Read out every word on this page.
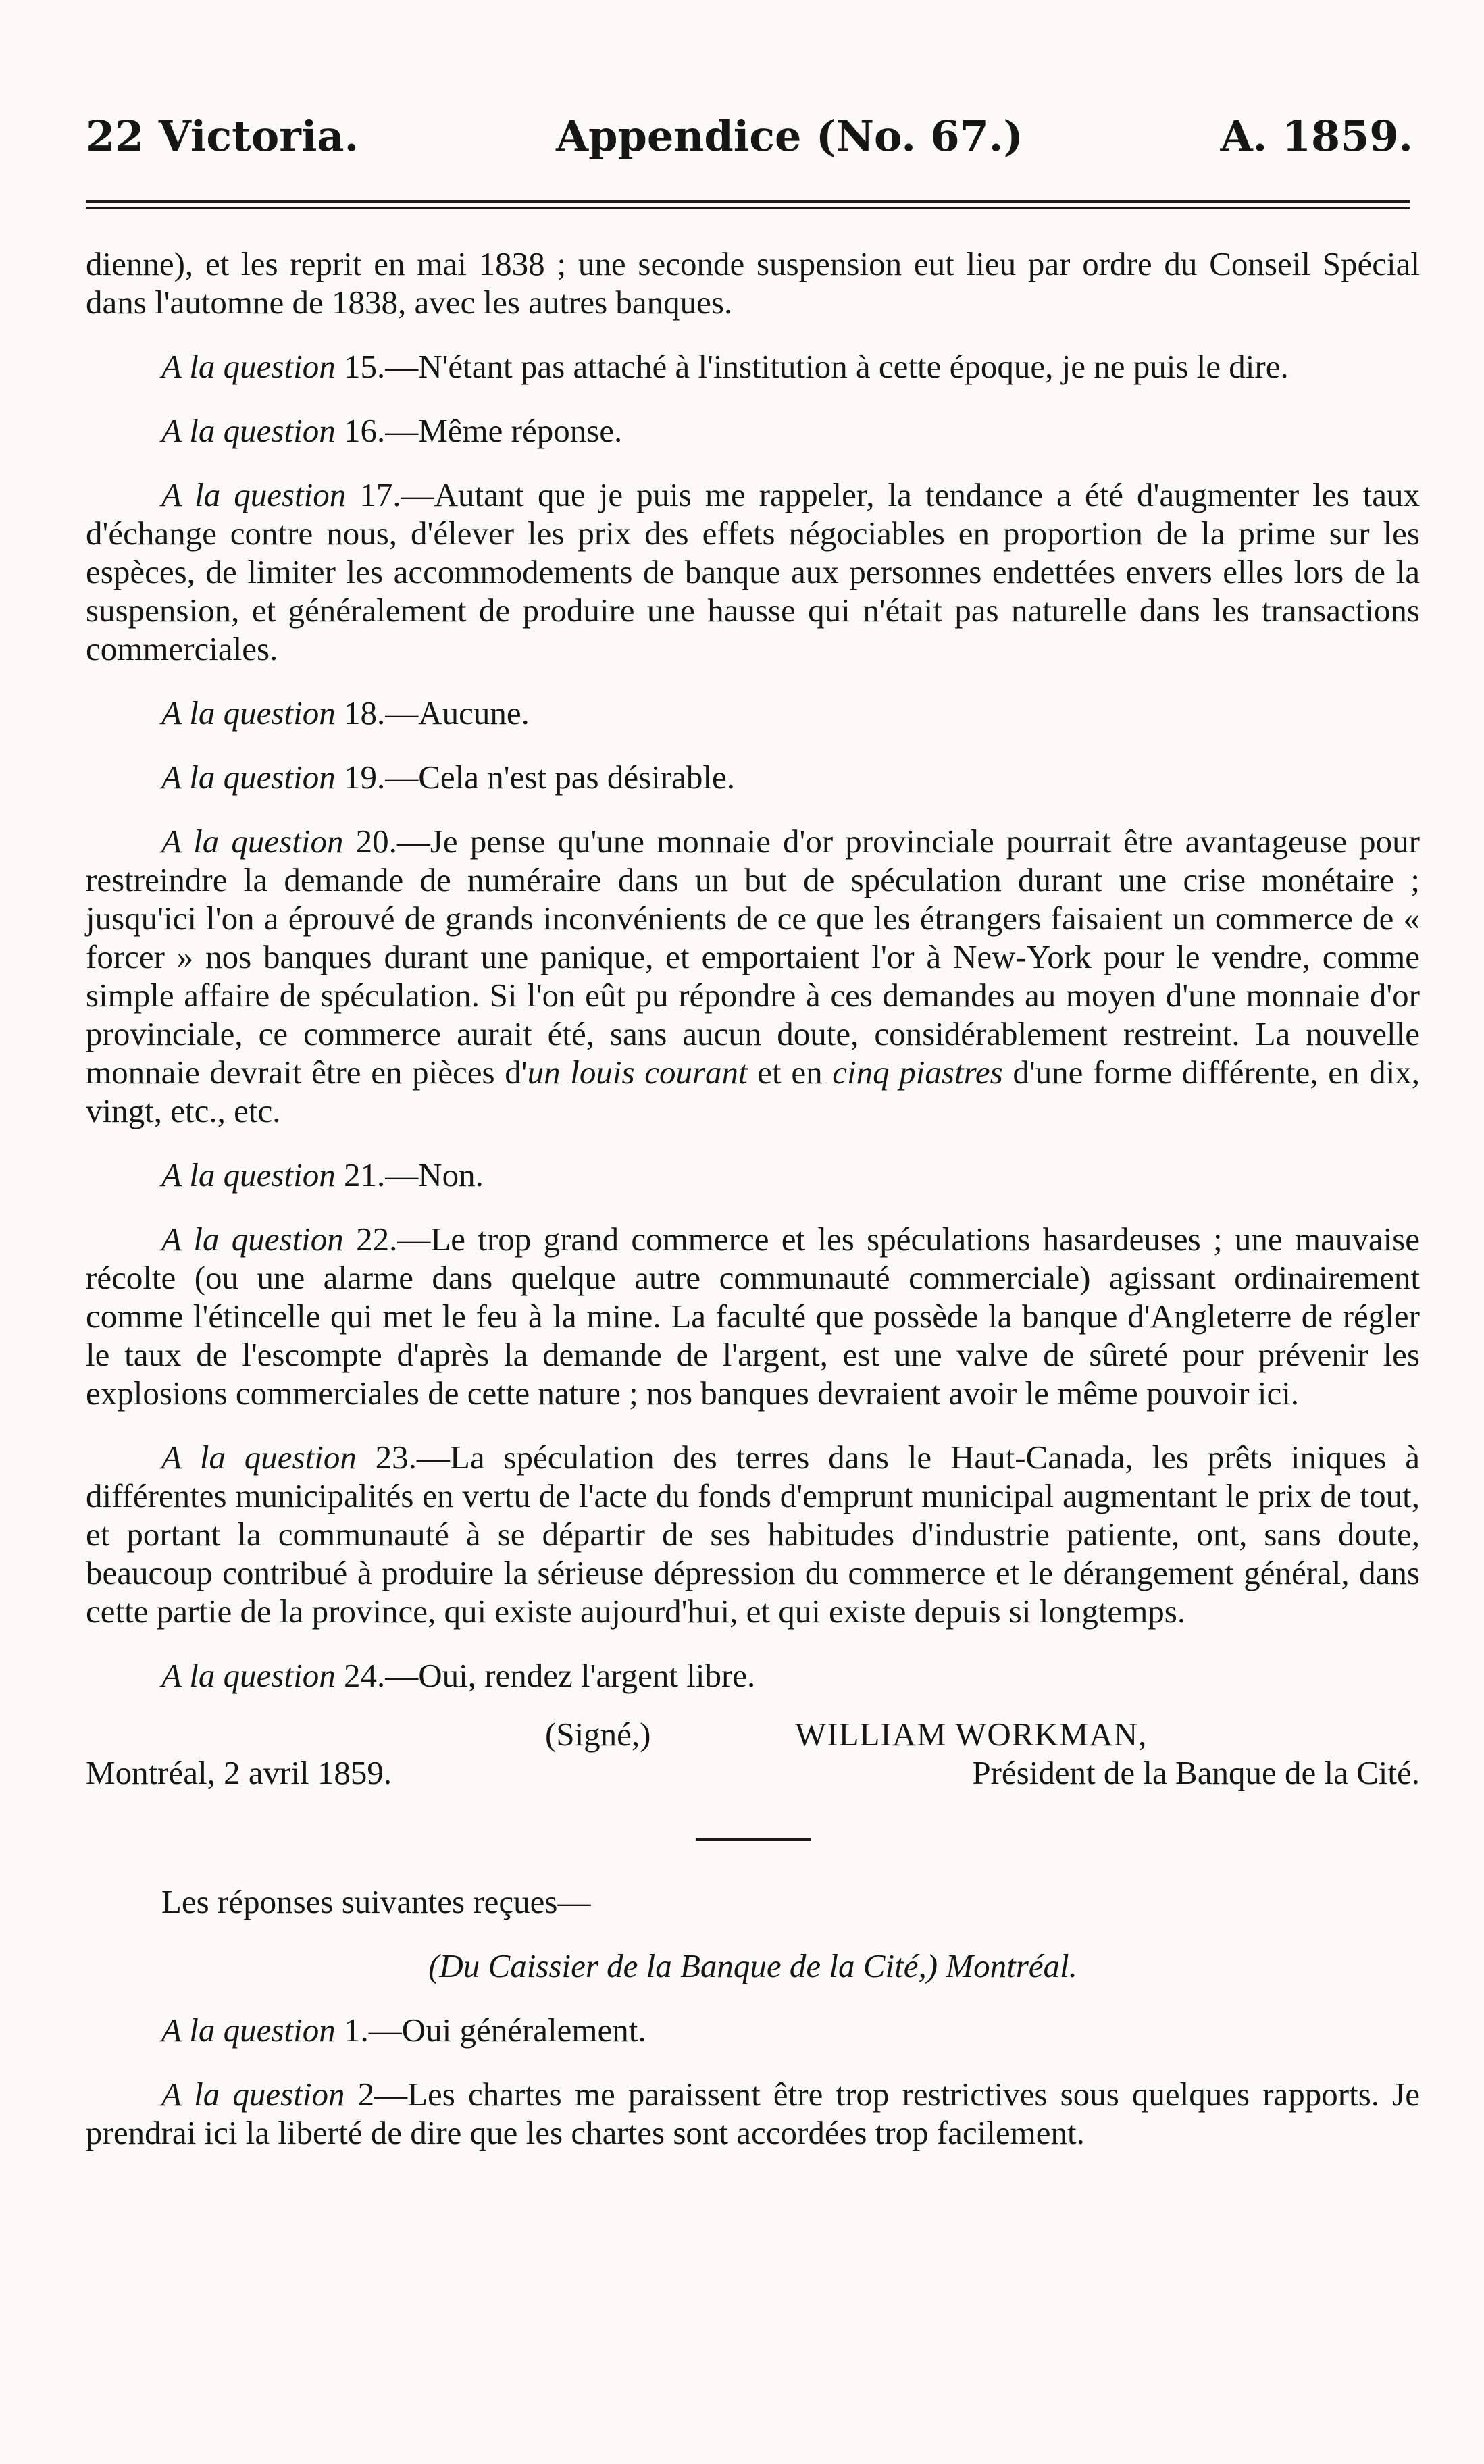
22 Victoria.	Appendice (No. 67.)	A. 1859.

dienne), et les reprit en mai 1838 ; une seconde suspension eut lieu par ordre du Conseil Spécial dans l'automne de 1838, avec les autres banques.

A la question 15.—N'étant pas attaché à l'institution à cette époque, je ne puis le dire.

A la question 16.—Même réponse.

A la question 17.—Autant que je puis me rappeler, la tendance a été d'augmenter les taux d'échange contre nous, d'élever les prix des effets négociables en proportion de la prime sur les espèces, de limiter les accommodements de banque aux personnes endettées envers elles lors de la suspension, et généralement de produire une hausse qui n'était pas naturelle dans les transactions commerciales.

A la question 18.—Aucune.

A la question 19.—Cela n'est pas désirable.

A la question 20.—Je pense qu'une monnaie d'or provinciale pourrait être avantageuse pour restreindre la demande de numéraire dans un but de spéculation durant une crise monétaire ; jusqu'ici l'on a éprouvé de grands inconvénients de ce que les étrangers faisaient un commerce de « forcer » nos banques durant une panique, et emportaient l'or à New-York pour le vendre, comme simple affaire de spéculation. Si l'on eût pu répondre à ces demandes au moyen d'une monnaie d'or provinciale, ce commerce aurait été, sans aucun doute, considérablement restreint. La nouvelle monnaie devrait être en pièces d'un louis courant et en cinq piastres d'une forme différente, en dix, vingt, etc., etc.

A la question 21.—Non.

A la question 22.—Le trop grand commerce et les spéculations hasardeuses ; une mauvaise récolte (ou une alarme dans quelque autre communauté commerciale) agissant ordinairement comme l'étincelle qui met le feu à la mine. La faculté que possède la banque d'Angleterre de régler le taux de l'escompte d'après la demande de l'argent, est une valve de sûreté pour prévenir les explosions commerciales de cette nature ; nos banques devraient avoir le même pouvoir ici.

A la question 23.—La spéculation des terres dans le Haut-Canada, les prêts iniques à différentes municipalités en vertu de l'acte du fonds d'emprunt municipal augmentant le prix de tout, et portant la communauté à se départir de ses habitudes d'industrie patiente, ont, sans doute, beaucoup contribué à produire la sérieuse dépression du commerce et le dérangement général, dans cette partie de la province, qui existe aujourd'hui, et qui existe depuis si longtemps.

A la question 24.—Oui, rendez l'argent libre.

(Signé,)	WILLIAM WORKMAN,
Montréal, 2 avril 1859.	Président de la Banque de la Cité.

Les réponses suivantes reçues—

(Du Caissier de la Banque de la Cité,) Montréal.

A la question 1.—Oui généralement.

A la question 2—Les chartes me paraissent être trop restrictives sous quelques rapports. Je prendrai ici la liberté de dire que les chartes sont accordées trop facilement.
